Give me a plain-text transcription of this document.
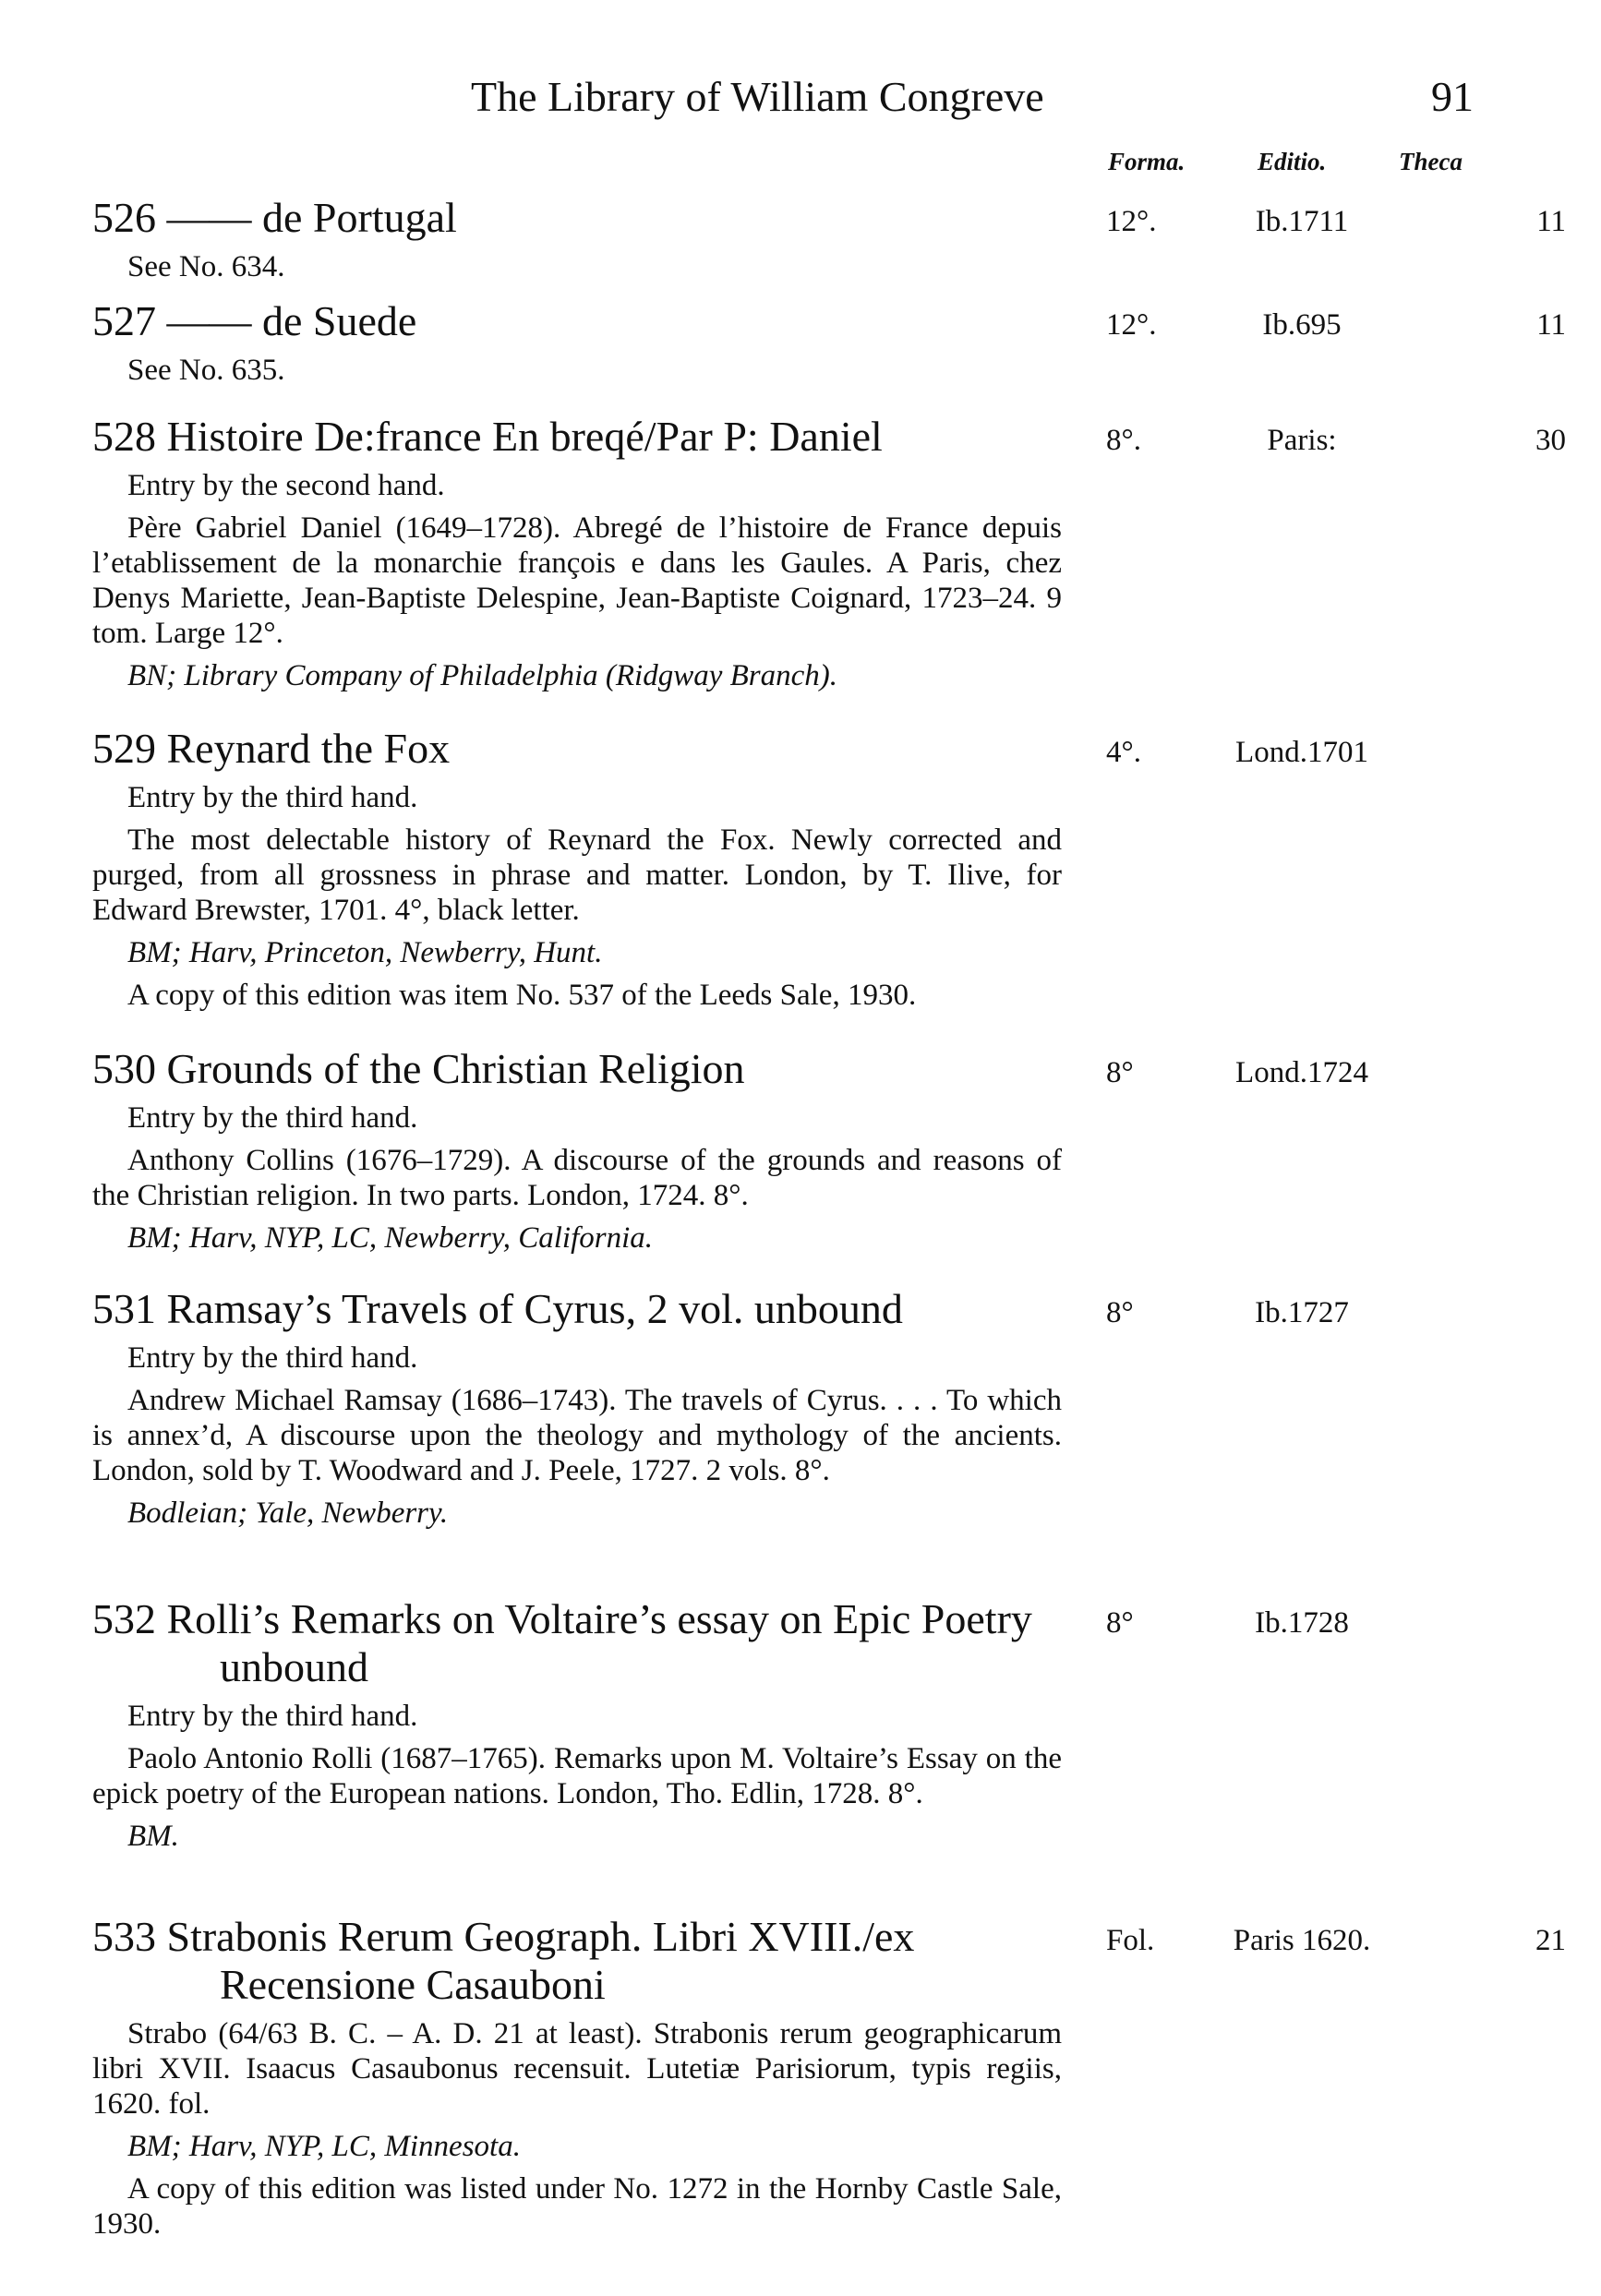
The Library of William Congreve	91
Forma.	Editio.	Theca
526 —— de Portugal	12°.	Ib.1711	11

See No. 634.

527 —— de Suede	12°.	Ib.695	11

See No. 635.

528 Histoire De:france En breqé/Par P: Daniel	8°.	Paris:	30

Entry by the second hand.

Père Gabriel Daniel (1649–1728). Abregé de l’histoire de France depuis l’etablissement de la monarchie françois e dans les Gaules. A Paris, chez Denys Mariette, Jean-Baptiste Delespine, Jean-Baptiste Coignard, 1723–24. 9 tom. Large 12°.

BN; Library Company of Philadelphia (Ridgway Branch).

529 Reynard the Fox	4°.	Lond.1701

Entry by the third hand.

The most delectable history of Reynard the Fox. Newly corrected and purged, from all grossness in phrase and matter. London, by T. Ilive, for Edward Brewster, 1701. 4°, black letter.

BM; Harv, Princeton, Newberry, Hunt.

A copy of this edition was item No. 537 of the Leeds Sale, 1930.

530 Grounds of the Christian Religion	8°	Lond.1724

Entry by the third hand.

Anthony Collins (1676–1729). A discourse of the grounds and reasons of the Christian religion. In two parts. London, 1724. 8°.

BM; Harv, NYP, LC, Newberry, California.

531 Ramsay’s Travels of Cyrus, 2 vol. unbound	8°	Ib.1727

Entry by the third hand.

Andrew Michael Ramsay (1686–1743). The travels of Cyrus. . . . To which is annex’d, A discourse upon the theology and mythology of the ancients. London, sold by T. Woodward and J. Peele, 1727. 2 vols. 8°.

Bodleian; Yale, Newberry.

532 Rolli’s Remarks on Voltaire’s essay on Epic Poetry
unbound
8°	Ib.1728

Entry by the third hand.

Paolo Antonio Rolli (1687–1765). Remarks upon M. Voltaire’s Essay on the epick poetry of the European nations. London, Tho. Edlin, 1728. 8°.

BM.

533 Strabonis Rerum Geograph. Libri XVIII./ex
Recensione Casauboni
Fol.	Paris 1620.	21

Strabo (64/63 B. C. – A. D. 21 at least). Strabonis rerum geographicarum libri XVII. Isaacus Casaubonus recensuit. Lutetiæ Parisiorum, typis regiis, 1620. fol.

BM; Harv, NYP, LC, Minnesota.

A copy of this edition was listed under No. 1272 in the Hornby Castle Sale, 1930.
